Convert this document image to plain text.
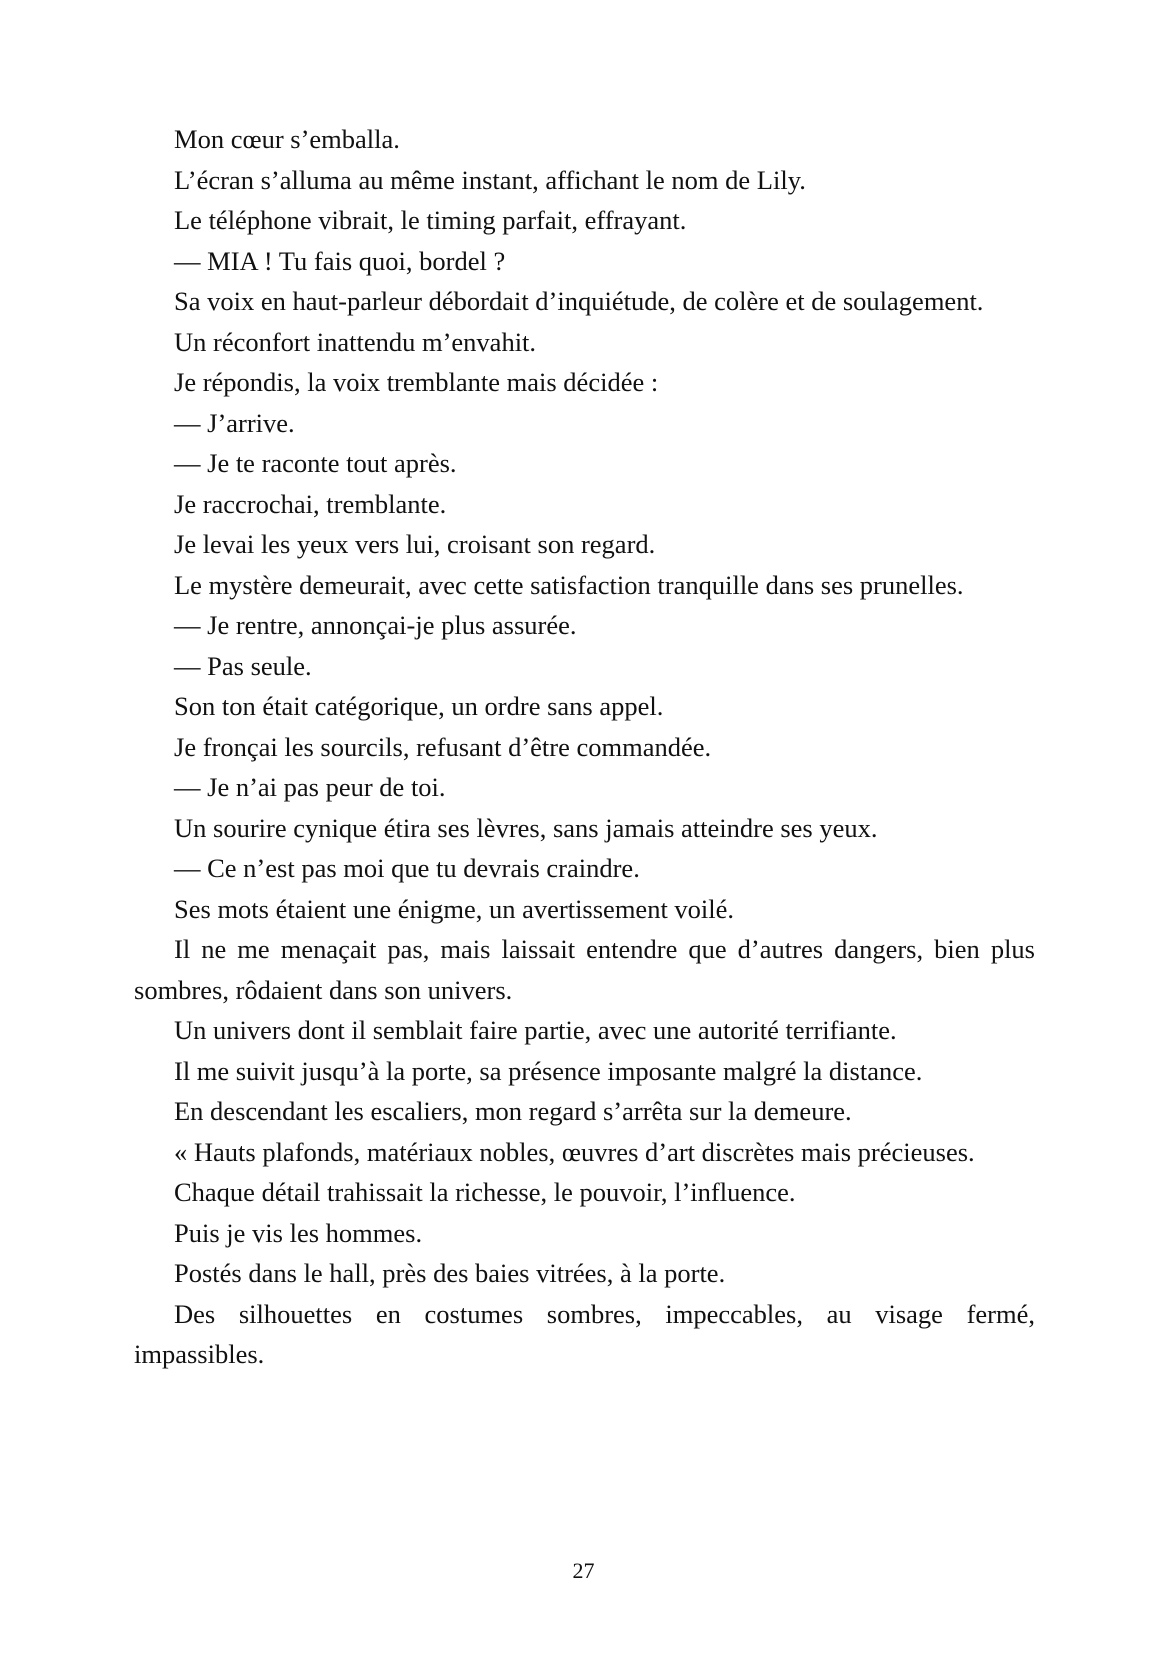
Mon cœur s’emballa.

L’écran s’alluma au même instant, affichant le nom de Lily.

Le téléphone vibrait, le timing parfait, effrayant.

— MIA ! Tu fais quoi, bordel ?

Sa voix en haut-parleur débordait d’inquiétude, de colère et de soulagement.

Un réconfort inattendu m’envahit.

Je répondis, la voix tremblante mais décidée :

— J’arrive.

— Je te raconte tout après.

Je raccrochai, tremblante.

Je levai les yeux vers lui, croisant son regard.

Le mystère demeurait, avec cette satisfaction tranquille dans ses prunelles.

— Je rentre, annonçai-je plus assurée.

— Pas seule.

Son ton était catégorique, un ordre sans appel.

Je fronçai les sourcils, refusant d’être commandée.

— Je n’ai pas peur de toi.

Un sourire cynique étira ses lèvres, sans jamais atteindre ses yeux.

— Ce n’est pas moi que tu devrais craindre.

Ses mots étaient une énigme, un avertissement voilé.

Il ne me menaçait pas, mais laissait entendre que d’autres dangers, bien plus sombres, rôdaient dans son univers.

Un univers dont il semblait faire partie, avec une autorité terrifiante.

Il me suivit jusqu’à la porte, sa présence imposante malgré la distance.

En descendant les escaliers, mon regard s’arrêta sur la demeure.

« Hauts plafonds, matériaux nobles, œuvres d’art discrètes mais précieuses.

Chaque détail trahissait la richesse, le pouvoir, l’influence.

Puis je vis les hommes.

Postés dans le hall, près des baies vitrées, à la porte.

Des silhouettes en costumes sombres, impeccables, au visage fermé, impassibles.

27
